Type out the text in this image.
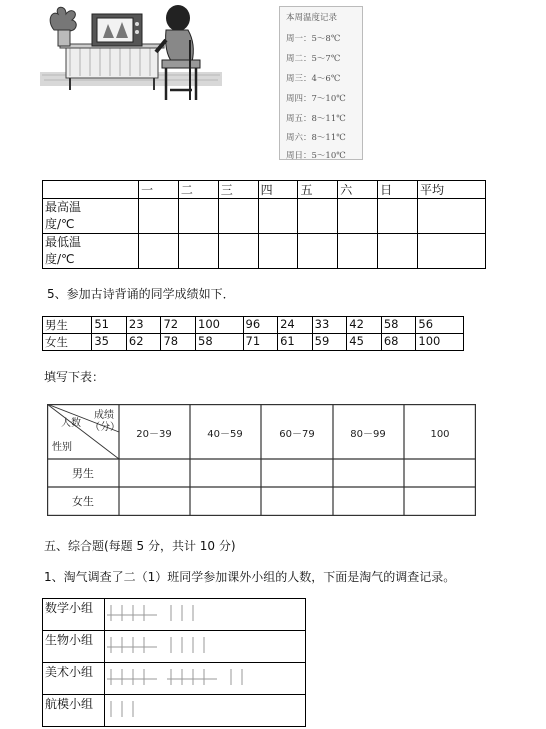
本周温度记录
周一：5～8℃
周二：5～7℃
周三：4～6℃
周四：7～10℃
周五：8～11℃
周六：8～11℃
周日：5～10℃
	一	二	三	四	五	六	日	平均

最高温
度/℃								

最低温
度/℃								

5、参加古诗背诵的同学成绩如下．
男生	51	23	72	100	96	24	33	42	58	56
女生	35	62	78	58	71	61	59	45	68	100
填写下表：
成绩
（分）
人数
性别
20－39	40－59	60－79	80－99	100
男生
女生
五、综合题(每题 5 分，共计 10 分)
1、淘气调查了二（1）班同学参加课外小组的人数，下面是淘气的调查记录。
数学小组	
生物小组	
美术小组	
航模小组	
